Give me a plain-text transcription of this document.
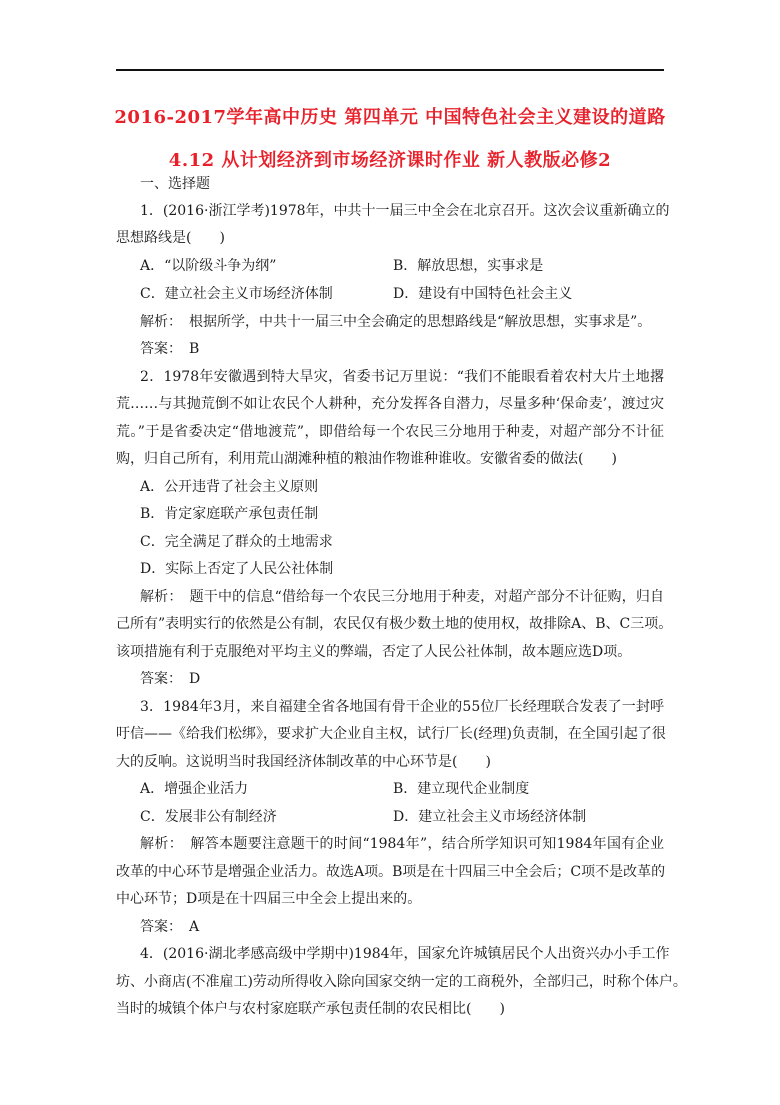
2016-2017学年高中历史 第四单元 中国特色社会主义建设的道路
4.12 从计划经济到市场经济课时作业 新人教版必修2
一、选择题
1．(2016·浙江学考)1978年，中共十一届三中全会在北京召开。这次会议重新确立的
思想路线是(　　)
A．“以阶级斗争为纲”	B．解放思想，实事求是
C．建立社会主义市场经济体制	D．建设有中国特色社会主义
解析：　根据所学，中共十一届三中全会确定的思想路线是“解放思想，实事求是”。
答案：　B
2．1978年安徽遇到特大旱灾，省委书记万里说：“我们不能眼看着农村大片土地撂
荒……与其抛荒倒不如让农民个人耕种，充分发挥各自潜力，尽量多种‘保命麦’，渡过灾
荒。”于是省委决定“借地渡荒”，即借给每一个农民三分地用于种麦，对超产部分不计征
购，归自己所有，利用荒山湖滩种植的粮油作物谁种谁收。安徽省委的做法(　　)
A．公开违背了社会主义原则
B．肯定家庭联产承包责任制
C．完全满足了群众的土地需求
D．实际上否定了人民公社体制
解析：　题干中的信息“借给每一个农民三分地用于种麦，对超产部分不计征购，归自
己所有”表明实行的依然是公有制，农民仅有极少数土地的使用权，故排除A、B、C三项。
该项措施有利于克服绝对平均主义的弊端，否定了人民公社体制，故本题应选D项。
答案：　D
3．1984年3月，来自福建全省各地国有骨干企业的55位厂长经理联合发表了一封呼
吁信——《给我们松绑》，要求扩大企业自主权，试行厂长(经理)负责制，在全国引起了很
大的反响。这说明当时我国经济体制改革的中心环节是(　　)
A．增强企业活力	B．建立现代企业制度
C．发展非公有制经济	D．建立社会主义市场经济体制
解析：　解答本题要注意题干的时间“1984年”，结合所学知识可知1984年国有企业
改革的中心环节是增强企业活力。故选A项。B项是在十四届三中全会后；C项不是改革的
中心环节；D项是在十四届三中全会上提出来的。
答案：　A
4．(2016·湖北孝感高级中学期中)1984年，国家允许城镇居民个人出资兴办小手工作
坊、小商店(不准雇工)劳动所得收入除向国家交纳一定的工商税外，全部归己，时称个体户。
当时的城镇个体户与农村家庭联产承包责任制的农民相比(　　)
